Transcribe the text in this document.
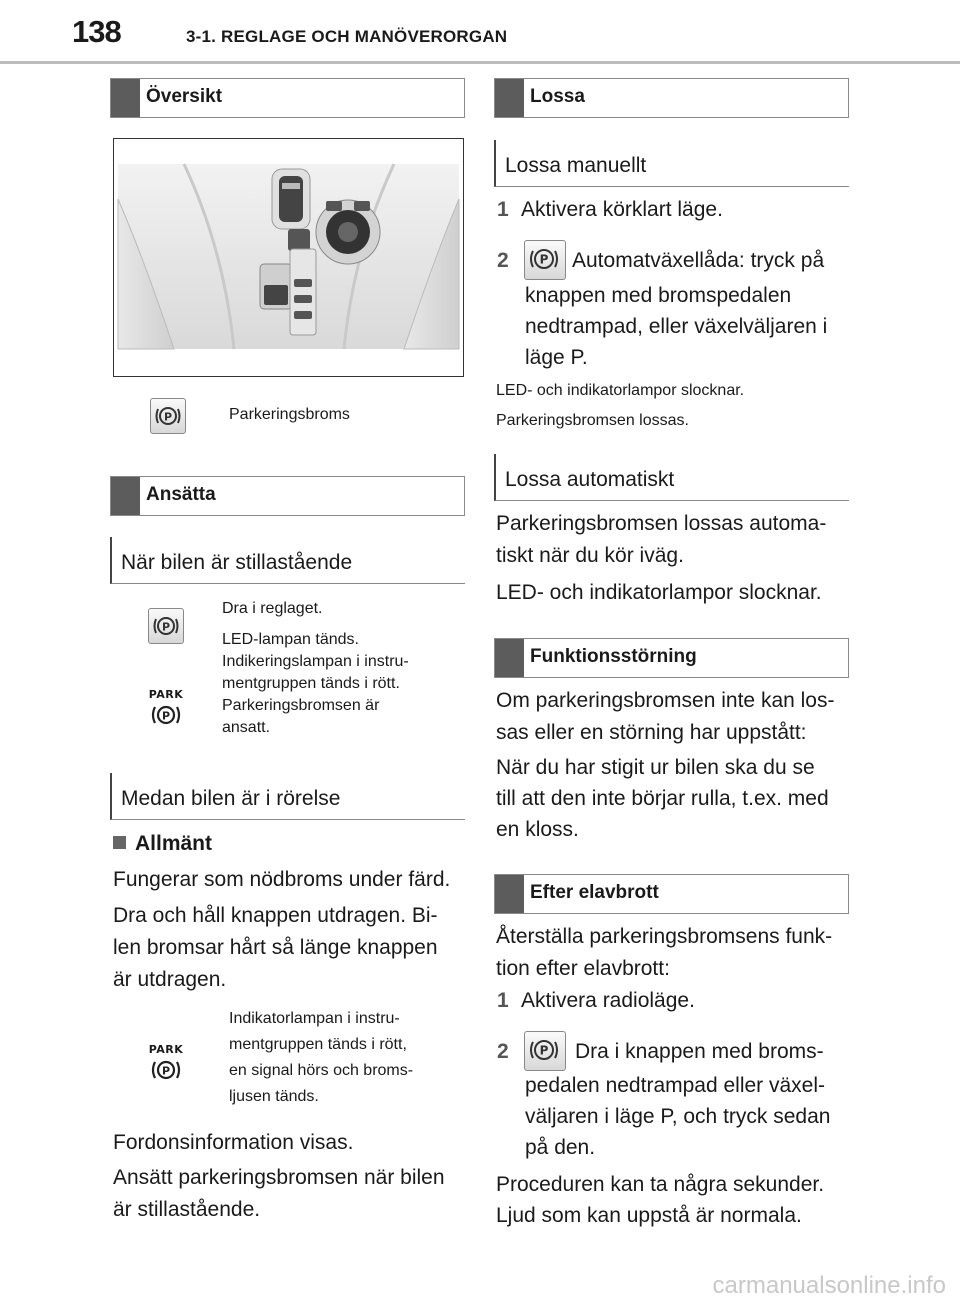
138	3-1. REGLAGE OCH MANÖVERORGAN
Översikt
P	Parkeringsbroms
Ansätta
När bilen är stillastående
P
PARK
P
Dra i reglaget.
LED-lampan tänds.
Indikeringslampan i instru-
mentgruppen tänds i rött.
Parkeringsbromsen är
ansatt.
Medan bilen är i rörelse
Allmänt
Fungerar som nödbroms under färd.
Dra och håll knappen utdragen. Bi-
len bromsar hårt så länge knappen
är utdragen.
PARK
P
Indikatorlampan i instru-
mentgruppen tänds i rött,
en signal hörs och broms-
ljusen tänds.
Fordonsinformation visas.
Ansätt parkeringsbromsen när bilen
är stillastående.
Lossa
Lossa manuellt
1 Aktivera körklart läge.
2	P Automatväxellåda: tryck på
knappen med bromspedalen
nedtrampad, eller växelväljaren i
läge P.
LED- och indikatorlampor slocknar.
Parkeringsbromsen lossas.
Lossa automatiskt
Parkeringsbromsen lossas automa-
tiskt när du kör iväg.
LED- och indikatorlampor slocknar.
Funktionsstörning
Om parkeringsbromsen inte kan los-
sas eller en störning har uppstått:
När du har stigit ur bilen ska du se
till att den inte börjar rulla, t.ex. med
en kloss.
Efter elavbrott
Återställa parkeringsbromsens funk-
tion efter elavbrott:
1 Aktivera radioläge.
2	P Dra i knappen med broms-
pedalen nedtrampad eller växel-
väljaren i läge P, och tryck sedan
på den.
Proceduren kan ta några sekunder.
Ljud som kan uppstå är normala.
carmanualsonline.info
